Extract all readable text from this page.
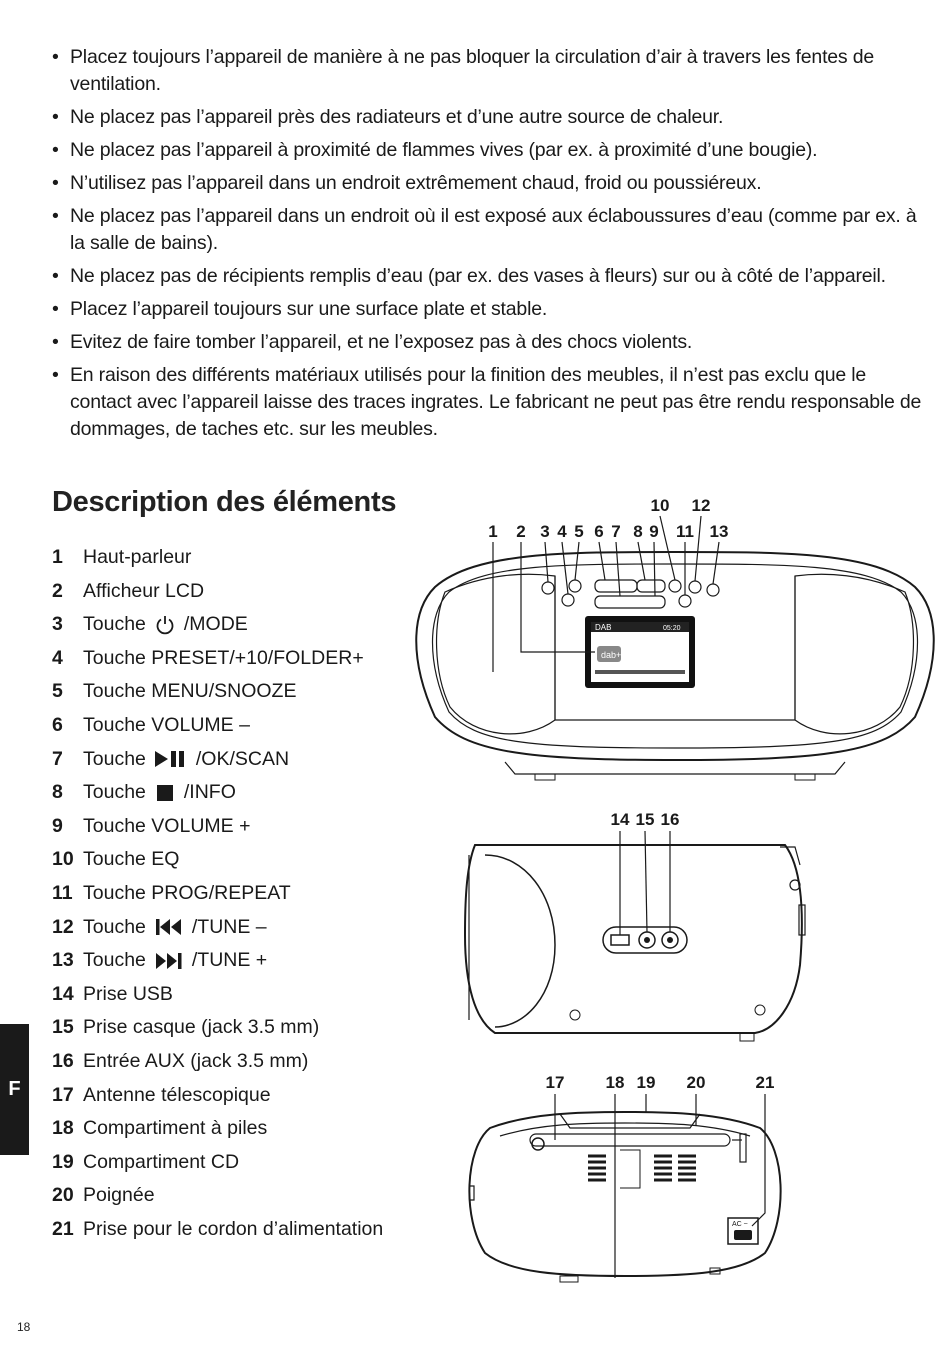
• Placez toujours l’appareil de manière à ne pas bloquer la circulation d’air à travers les fentes de ventilation.
• Ne placez pas l’appareil près des radiateurs et d’une autre source de chaleur.
• Ne placez pas l’appareil à proximité de flammes vives (par ex. à proximité d’une bougie).
• N’utilisez pas l’appareil dans un endroit extrêmement chaud, froid ou poussiéreux.
• Ne placez pas l’appareil dans un endroit où il est exposé aux éclaboussures d’eau (comme par ex. à la salle de bains).
• Ne placez pas de récipients remplis d’eau (par ex. des vases à fleurs) sur ou à côté de l’appareil.
• Placez l’appareil toujours sur une surface plate et stable.
• Evitez de faire tomber l’appareil, et ne l’exposez pas à des chocs violents.
• En raison des différents matériaux utilisés pour la finition des meubles, il n’est pas exclu que le contact avec l’appareil laisse des traces ingrates. Le fabricant ne peut pas être rendu responsable de dommages, de taches etc. sur les meubles.
Description des éléments
1	Haut-parleur
2	Afficheur LCD
3	Touche /MODE
4	Touche PRESET/+10/FOLDER+
5	Touche MENU/SNOOZE
6	Touche VOLUME –
7	Touche	/OK/SCAN
8	Touche /INFO
9	Touche VOLUME +
10 Touche EQ
11 Touche PROG/REPEAT
12 Touche /TUNE –
13 Touche /TUNE +
14 Prise USB
15 Prise casque (jack 3.5 mm)
16 Entrée AUX (jack 3.5 mm)
17 Antenne télescopique
18 Compartiment à piles
19 Compartiment CD
20 Poignée
21 Prise pour le cordon d’alimentation
10 12
1 2 3 4 5 6 7 8 9 11 13
DAB	05:20
dab+
14 15 16
17 18 19 20	21
AC ~
F
18
